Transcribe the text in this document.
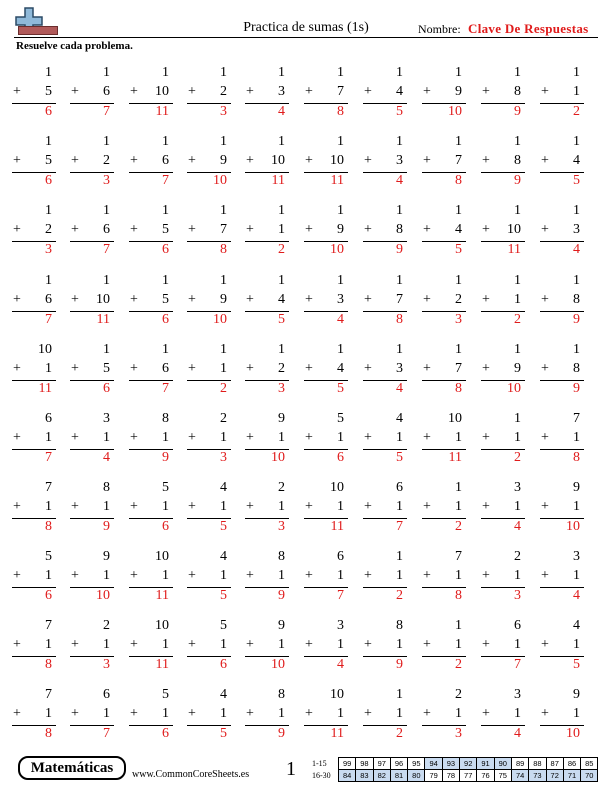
Practica de sumas (1s)	Nombre: Clave De Respuestas
Resuelve cada problema.
1
+ 5
6
1
+ 6
7
1
+ 10
11
1
+ 2
3
1
+ 3
4
1
+ 7
8
1
+ 4
5
1
+ 9
10
1
+ 8
9
1
+ 1
2
1
+ 5
6
1
+ 2
3
1
+ 6
7
1
+ 9
10
1
+ 10
11
1
+ 10
11
1
+ 3
4
1
+ 7
8
1
+ 8
9
1
+ 4
5
1
+ 2
3
1
+ 6
7
1
+ 5
6
1
+ 7
8
1
+ 1
2
1
+ 9
10
1
+ 8
9
1
+ 4
5
1
+ 10
11
1
+ 3
4
1
+ 6
7
1
+ 10
11
1
+ 5
6
1
+ 9
10
1
+ 4
5
1
+ 3
4
1
+ 7
8
1
+ 2
3
1
+ 1
2
1
+ 8
9
10
+ 1
11
1
+ 5
6
1
+ 6
7
1
+ 1
2
1
+ 2
3
1
+ 4
5
1
+ 3
4
1
+ 7
8
1
+ 9
10
1
+ 8
9
6
+ 1
7
3
+ 1
4
8
+ 1
9
2
+ 1
3
9
+ 1
10
5
+ 1
6
4
+ 1
5
10
+ 1
11
1
+ 1
2
7
+ 1
8
7
+ 1
8
8
+ 1
9
5
+ 1
6
4
+ 1
5
2
+ 1
3
10
+ 1
11
6
+ 1
7
1
+ 1
2
3
+ 1
4
9
+ 1
10
5
+ 1
6
9
+ 1
10
10
+ 1
11
4
+ 1
5
8
+ 1
9
6
+ 1
7
1
+ 1
2
7
+ 1
8
2
+ 1
3
3
+ 1
4
7
+ 1
8
2
+ 1
3
10
+ 1
11
5
+ 1
6
9
+ 1
10
3
+ 1
4
8
+ 1
9
1
+ 1
2
6
+ 1
7
4
+ 1
5
7
+ 1
8
6
+ 1
7
5
+ 1
6
4
+ 1
5
8
+ 1
9
10
+ 1
11
1
+ 1
2
2
+ 1
3
3
+ 1
4
9
+ 1
10
Matemáticas	www.CommonCoreSheets.es 1 1-15
16-30
99	98	97	96	95	94	93	92	91	90	89	88	87	86	85
84	83	82	81	80	79	78	77	76	75	74	73	72	71	70
